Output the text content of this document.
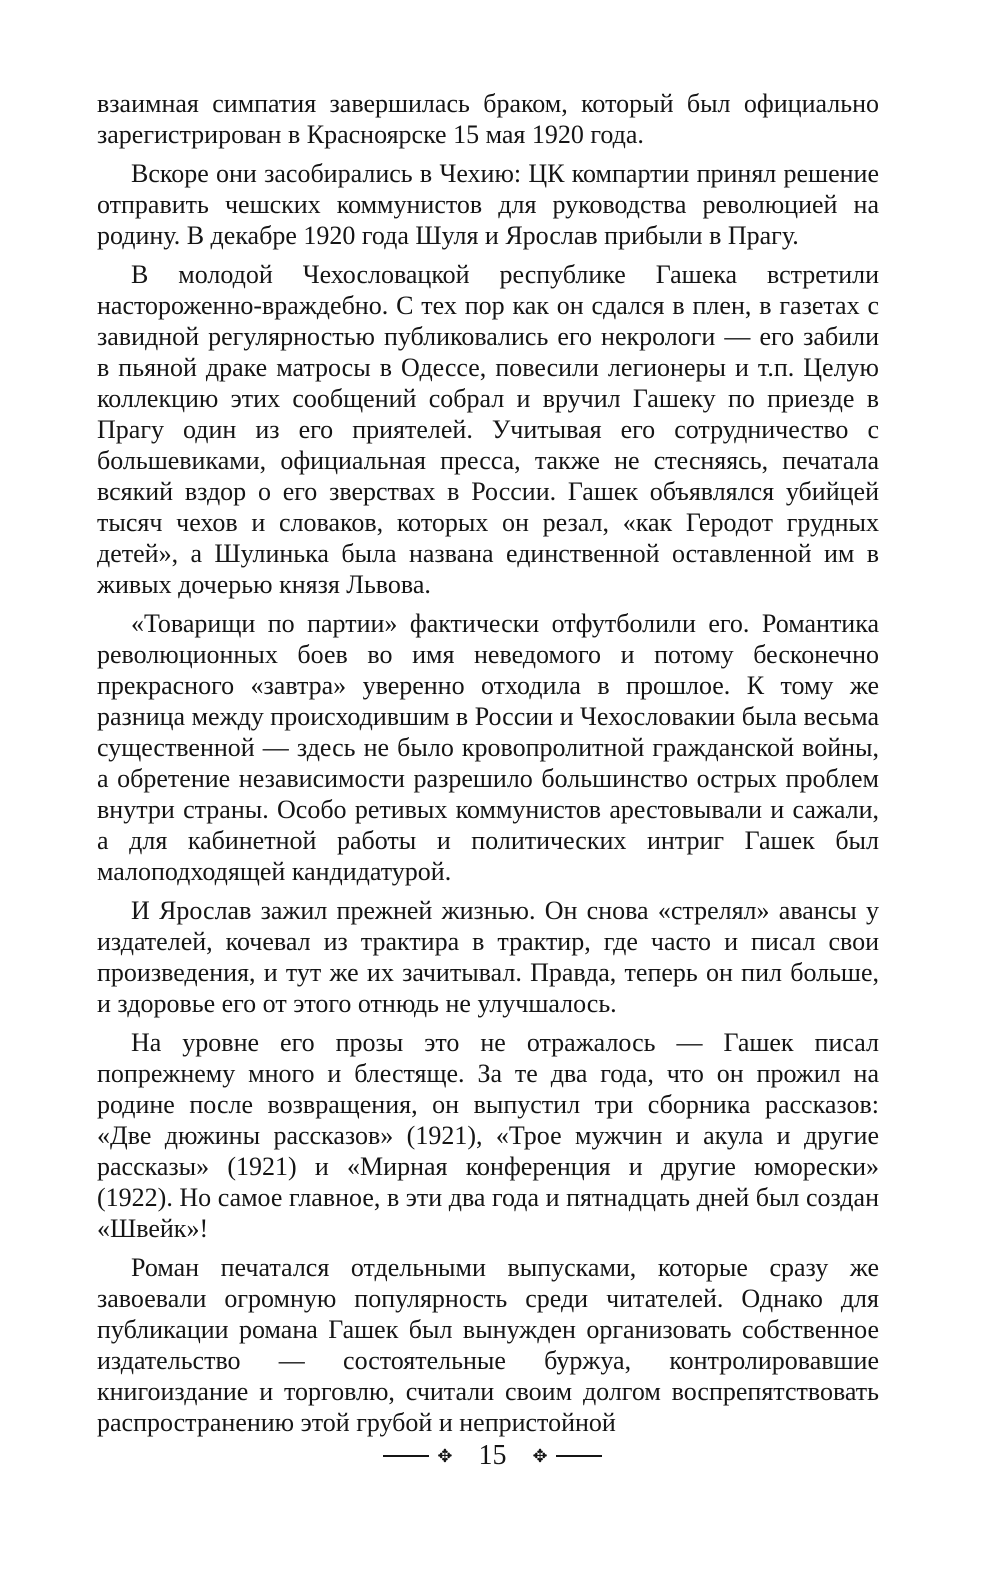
взаимная симпатия завершилась браком, который был официально зарегистрирован в Красноярске 15 мая 1920 года.

Вскоре они засобирались в Чехию: ЦК компартии принял решение отправить чешских коммунистов для руководства революцией на родину. В декабре 1920 года Шуля и Ярослав прибыли в Прагу.

В молодой Чехословацкой республике Гашека встретили настороженно-враждебно. С тех пор как он сдался в плен, в газетах с завидной регулярностью публиковались его некрологи — его забили в пьяной драке матросы в Одессе, повесили легионеры и т.п. Целую коллекцию этих сообщений собрал и вручил Гашеку по приезде в Прагу один из его приятелей. Учитывая его сотрудничество с большевиками, официальная пресса, также не стесняясь, печатала всякий вздор о его зверствах в России. Гашек объявлялся убийцей тысяч чехов и словаков, которых он резал, «как Геродот грудных детей», а Шулинька была названа единственной оставленной им в живых дочерью князя Львова.

«Товарищи по партии» фактически отфутболили его. Романтика революционных боев во имя неведомого и потому бесконечно прекрасного «завтра» уверенно отходила в прошлое. К тому же разница между происходившим в России и Чехословакии была весьма существенной — здесь не было кровопролитной гражданской войны, а обретение независимости разрешило большинство острых проблем внутри страны. Особо ретивых коммунистов арестовывали и сажали, а для кабинетной работы и политических интриг Гашек был малоподходящей кандидатурой.

И Ярослав зажил прежней жизнью. Он снова «стрелял» авансы у издателей, кочевал из трактира в трактир, где часто и писал свои произведения, и тут же их зачитывал. Правда, теперь он пил больше, и здоровье его от этого отнюдь не улучшалось.

На уровне его прозы это не отражалось — Гашек писал попрежнему много и блестяще. За те два года, что он прожил на родине после возвращения, он выпустил три сборника рассказов: «Две дюжины рассказов» (1921), «Трое мужчин и акула и другие рассказы» (1921) и «Мирная конференция и другие юморески» (1922). Но самое главное, в эти два года и пятнадцать дней был создан «Швейк»!

Роман печатался отдельными выпусками, которые сразу же завоевали огромную популярность среди читателей. Однако для публикации романа Гашек был вынужден организовать собственное издательство — состоятельные буржуа, контролировавшие книгоиздание и торговлю, считали своим долгом воспрепятствовать распространению этой грубой и непристойной

✥ 15 ✥
